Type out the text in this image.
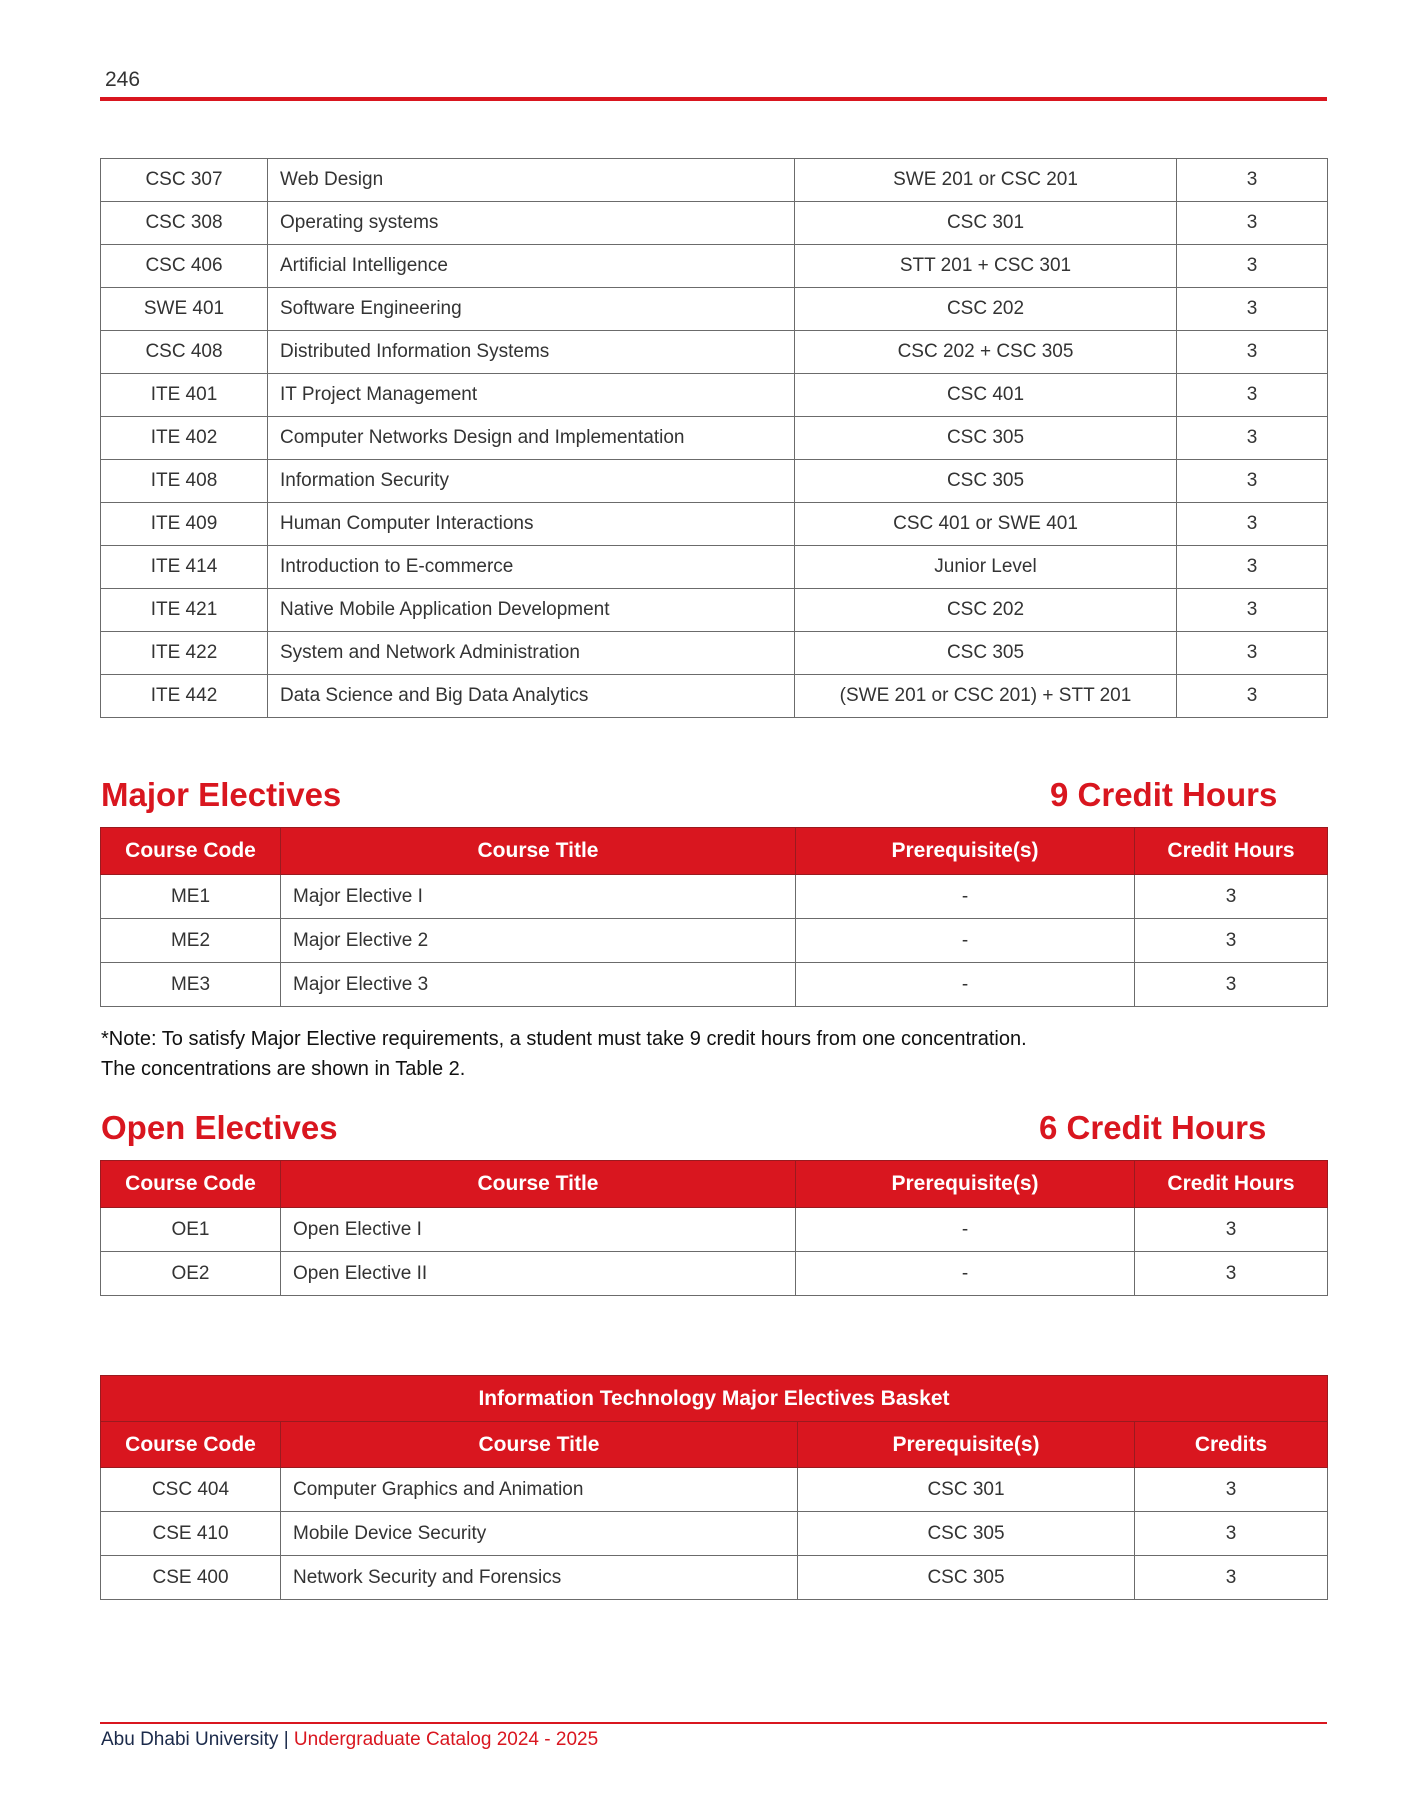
246
CSC 307	Web Design	SWE 201 or CSC 201	3
CSC 308	Operating systems	CSC 301	3
CSC 406	Artificial Intelligence	STT 201 + CSC 301	3
SWE 401	Software Engineering	CSC 202	3
CSC 408	Distributed Information Systems	CSC 202 + CSC 305	3
ITE 401	IT Project Management	CSC 401	3
ITE 402	Computer Networks Design and Implementation	CSC 305	3
ITE 408	Information Security	CSC 305	3
ITE 409	Human Computer Interactions	CSC 401 or SWE 401	3
ITE 414	Introduction to E-commerce	Junior Level	3
ITE 421	Native Mobile Application Development	CSC 202	3
ITE 422	System and Network Administration	CSC 305	3
ITE 442	Data Science and Big Data Analytics	(SWE 201 or CSC 201) + STT 201	3
Major Electives	9 Credit Hours
Course Code	Course Title	Prerequisite(s)	Credit Hours
ME1	Major Elective I	-	3
ME2	Major Elective 2	-	3
ME3	Major Elective 3	-	3
*Note: To satisfy Major Elective requirements, a student must take 9 credit hours from one concentration.
The concentrations are shown in Table 2.
Open Electives	6 Credit Hours
Course Code	Course Title	Prerequisite(s)	Credit Hours
OE1	Open Elective I	-	3
OE2	Open Elective II	-	3
Information Technology Major Electives Basket			
Course Code	Course Title	Prerequisite(s)	Credits
CSC 404	Computer Graphics and Animation	CSC 301	3
CSE 410	Mobile Device Security	CSC 305	3
CSE 400	Network Security and Forensics	CSC 305	3
Abu Dhabi University | Undergraduate Catalog 2024 - 2025
